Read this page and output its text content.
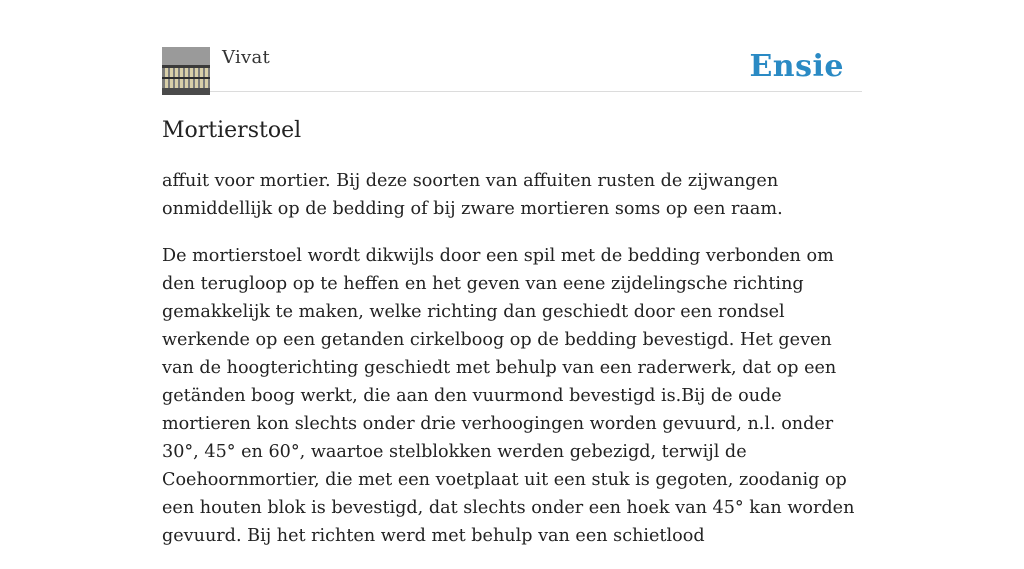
Vivat	Ensie
Mortierstoel

affuit voor mortier. Bij deze soorten van affuiten rusten de zijwangen onmiddellijk op de bedding of bij zware mortieren soms op een raam.

De mortierstoel wordt dikwijls door een spil met de bedding verbonden om den terugloop op te heffen en het geven van eene zijdelingsche richting gemakkelijk te maken, welke richting dan geschiedt door een rondsel werkende op een getanden cirkelboog op de bedding bevestigd. Het geven van de hoogterichting geschiedt met behulp van een raderwerk, dat op een getänden boog werkt, die aan den vuurmond bevestigd is.Bij de oude mortieren kon slechts onder drie verhoogingen worden gevuurd, n.l. onder 30°, 45° en 60°, waartoe stelblokken werden gebezigd, terwijl de Coehoornmortier, die met een voetplaat uit een stuk is gegoten, zoodanig op een houten blok is bevestigd, dat slechts onder een hoek van 45° kan worden gevuurd. Bij het richten werd met behulp van een schietlood
